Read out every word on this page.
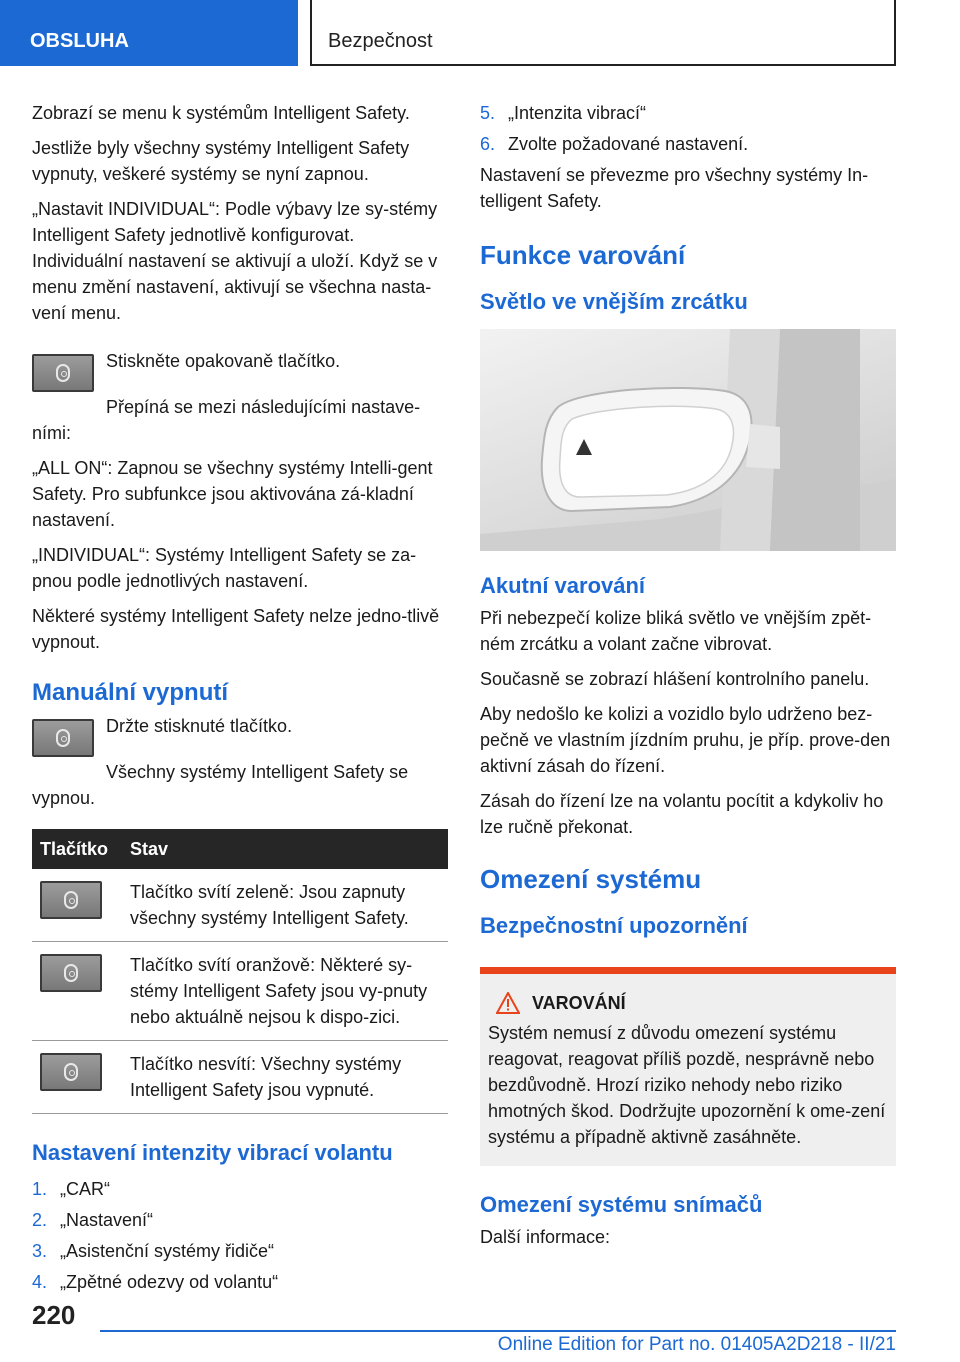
OBSLUHA	Bezpečnost

Zobrazí se menu k systémům Intelligent Safety.

Jestliže byly všechny systémy Intelligent Safety vypnuty, veškeré systémy se nyní zapnou.

„Nastavit INDIVIDUAL“: Podle výbavy lze sy-stémy Intelligent Safety jednotlivě konfigurovat. Individuální nastavení se aktivují a uloží. Když se v menu změní nastavení, aktivují se všechna nasta-vení menu.

Stiskněte opakovaně tlačítko.

Přepíná se mezi následujícími nastave-ními:

„ALL ON“: Zapnou se všechny systémy Intelli-gent Safety. Pro subfunkce jsou aktivována zá-kladní nastavení.

„INDIVIDUAL“: Systémy Intelligent Safety se za-pnou podle jednotlivých nastavení.

Některé systémy Intelligent Safety nelze jedno-tlivě vypnout.

Manuální vypnutí

Držte stisknuté tlačítko.

Všechny systémy Intelligent Safety se vypnou.

Tlačítko	Stav

	Tlačítko svítí zeleně: Jsou zapnuty všechny systémy Intelligent Safety.

	Tlačítko svítí oranžově: Některé sy-stémy Intelligent Safety jsou vy-pnuty nebo aktuálně nejsou k dispo-zici.

	Tlačítko nesvítí: Všechny systémy Intelligent Safety jsou vypnuté.
Nastavení intenzity vibrací volantu
1. „CAR“
2. „Nastavení“
3. „Asistenční systémy řidiče“
4. „Zpětné odezvy od volantu“
5. „Intenzita vibrací“
6. Zvolte požadované nastavení.

Nastavení se převezme pro všechny systémy In-telligent Safety.

Funkce varování
Světlo ve vnějším zrcátku
Akutní varování

Při nebezpečí kolize bliká světlo ve vnějším zpět-ném zrcátku a volant začne vibrovat.

Současně se zobrazí hlášení kontrolního panelu.

Aby nedošlo ke kolizi a vozidlo bylo udrženo bez-pečně ve vlastním jízdním pruhu, je příp. prove-den aktivní zásah do řízení.

Zásah do řízení lze na volantu pocítit a kdykoliv ho lze ručně překonat.

Omezení systému
Bezpečnostní upozornění
VAROVÁNÍ

Systém nemusí z důvodu omezení systému reagovat, reagovat příliš pozdě, nesprávně nebo bezdůvodně. Hrozí riziko nehody nebo riziko hmotných škod. Dodržujte upozornění k ome-zení systému a případně aktivně zasáhněte.

Omezení systému snímačů

Další informace:

220
Online Edition for Part no. 01405A2D218 - II/21
